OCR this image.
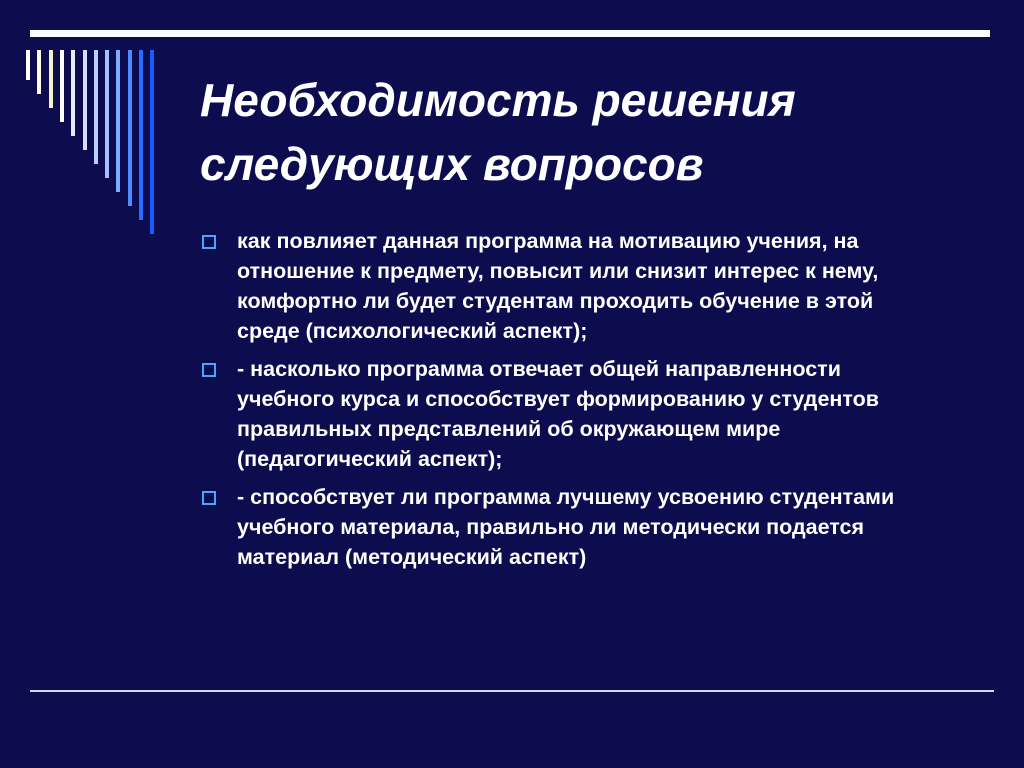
Необходимость решения
следующих вопросов
как повлияет данная программа на мотивацию учения, на
отношение к предмету, повысит или снизит интерес к нему,
комфортно ли будет студентам проходить обучение в этой
среде (психологический аспект);
- насколько программа отвечает общей направленности
учебного курса и способствует формированию у студентов
правильных представлений об окружающем мире
(педагогический аспект);
- способствует ли программа лучшему усвоению студентами
учебного материала, правильно ли методически подается
материал (методический аспект)
